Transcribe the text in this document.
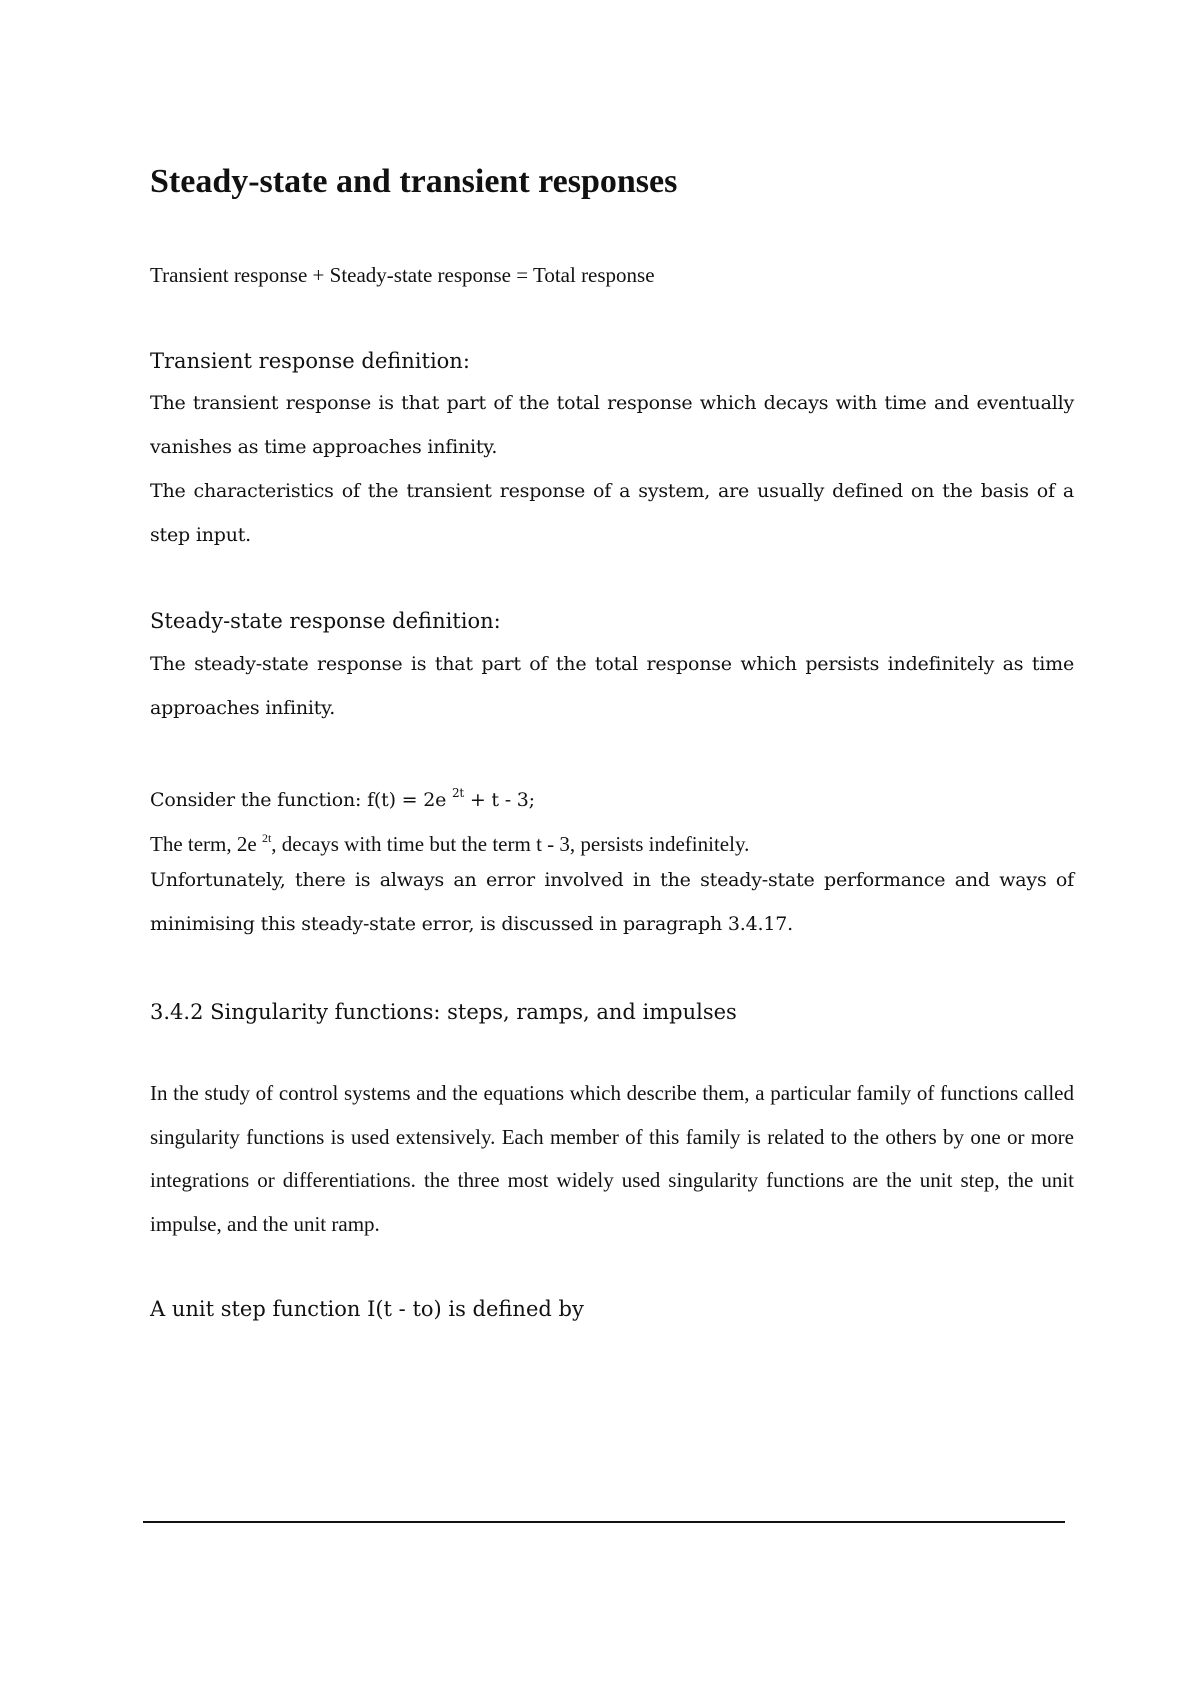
Steady-state and transient responses

Transient response + Steady-state response = Total response

Transient response definition:

The transient response is that part of the total response which decays with time and eventually vanishes as time approaches infinity.

The characteristics of the transient response of a system, are usually defined on the basis of a step input.

Steady-state response definition:

The steady-state response is that part of the total response which persists indefinitely as time approaches infinity.

Consider the function: f(t) = 2e $^{2t}$ + t - 3;

The term, 2e $^{2t}$, decays with time but the term t - 3, persists indefinitely.

Unfortunately, there is always an error involved in the steady-state performance and ways of minimising this steady-state error, is discussed in paragraph 3.4.17.

3.4.2 Singularity functions: steps, ramps, and impulses

In the study of control systems and the equations which describe them, a particular family of functions called singularity functions is used extensively. Each member of this family is related to the others by one or more integrations or differentiations. the three most widely used singularity functions are the unit step, the unit impulse, and the unit ramp.

A unit step function I(t - to) is defined by
